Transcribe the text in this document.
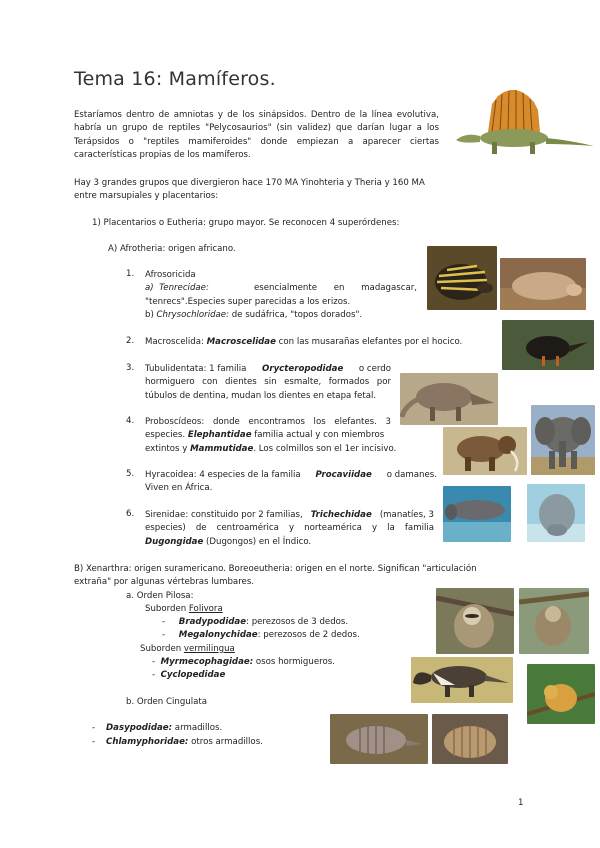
Tema 16: Mamíferos.
Estaríamos dentro de amniotas y de los sinápsidos. Dentro de la línea evolutiva, habría un grupo de reptiles "Pelycosaurios" (sin validez) que darían lugar a los Terápsidos o "reptiles mamiferoides" donde empiezan a aparecer ciertas características propias de los mamíferos.
Hay 3 grandes grupos que divergieron hace 170 MA Yinohteria y Theria y 160 MA
entre marsupiales y placentarios:
1) Placentarios o Eutheria: grupo mayor. Se reconocen 4 superórdenes:
A) Afrotheria: origen africano.
1. Afrosoricida
a) Tenrecidae:	esencialmente en madagascar,
"tenrecs".Especies super parecidas a los erizos.
b) Chrysochloridae: de sudáfrica, "topos dorados".
2. Macroscelida: Macroscelidae con las musarañas elefantes por el hocico.
3. Tubulidentata: 1 familia Orycteropodidae o cerdo
hormiguero con dientes sin esmalte, formados por
túbulos de dentina, mudan los dientes en etapa fetal.
4. Proboscídeos: donde encontramos los elefantes. 3
especies. Elephantidae familia actual y con miembros
extintos y Mammutidae. Los colmillos son el 1er incisivo.
5. Hyracoidea: 4 especies de la familia Procaviidae o damanes.
Viven en África.
6. Sirenidae: constituido por 2 familias, Trichechidae (manatíes, 3
especies) de centroamérica y norteamérica y la familia
Dugongidae (Dugongos) en el Índico.
B) Xenarthra: origen suramericano. Boreoeutheria: origen en el norte. Significan "articulación
extraña" por algunas vértebras lumbares.
a. Orden Pilosa:
Suborden Folivora
- Bradypodidae: perezosos de 3 dedos.
- Megalonychidae: perezosos de 2 dedos.
Suborden vermilingua
- Myrmecophagidae: osos hormigueros.
- Cyclopedidae
b. Orden Cingulata
- Dasypodidae: armadillos.
- Chlamyphoridae: otros armadillos.
1
